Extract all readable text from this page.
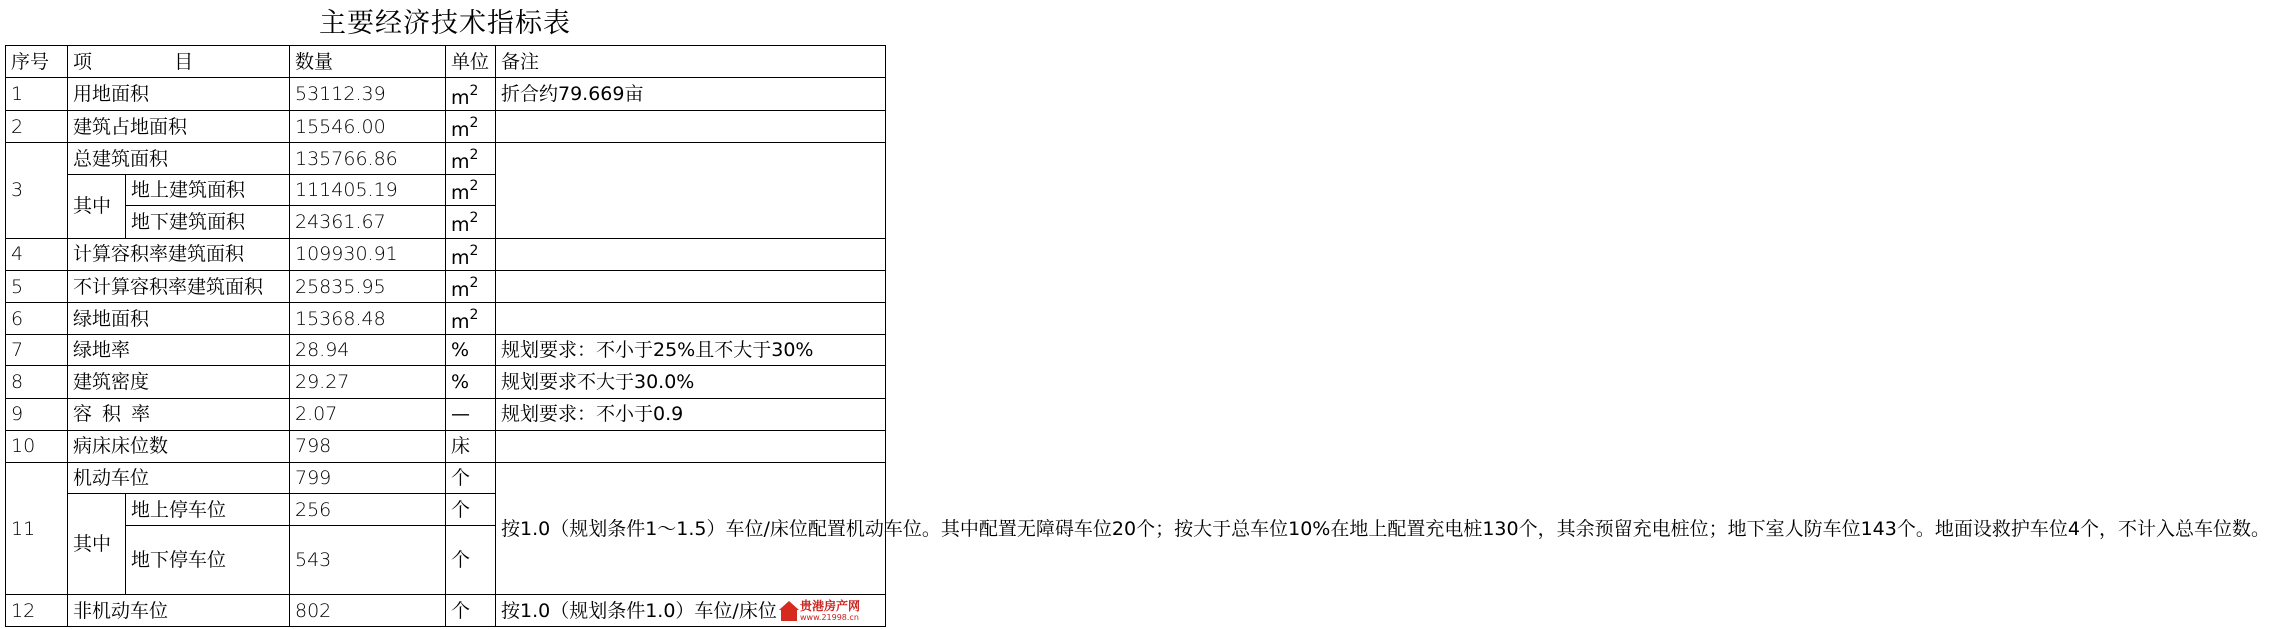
主要经济技术指标表
序号	项 目		数量	单位	备注
1	用地面积		53112.39	$m^2$	折合约79.669亩
2	建筑占地面积		15546.00	$m^2$	
3	总建筑面积		135766.86	$m^2$	
	其中	地上建筑面积	111405.19	$m^2$
		地下建筑面积	24361.67	$m^2$
4	计算容积率建筑面积		109930.91	$m^2$	
5	不计算容积率建筑面积		25835.95	$m^2$	
6	绿地面积		15368.48	$m^2$	
7	绿地率		28.94	%	规划要求：不小于25%且不大于30%
8	建筑密度		29.27	%	规划要求不大于30.0%
9	容 积 率		2.07	—	规划要求：不小于0.9
10	病床床位数		798	床	
11	机动车位		799	个	按1.0（规划条件1～1.5）车位/床位配置机动车位。其中配置无障碍车位20个；按大于总车位10%在地上配置充电桩130个，其余预留充电桩位；地下室人防车位143个。地面设救护车位4个，不计入总车位数。
	其中	地上停车位	256	个	
		地下停车位	543	个	
12	非机动车位		802	个	按1.0（规划条件1.0）车位/床位 贵港房产网
www.21998.cn
